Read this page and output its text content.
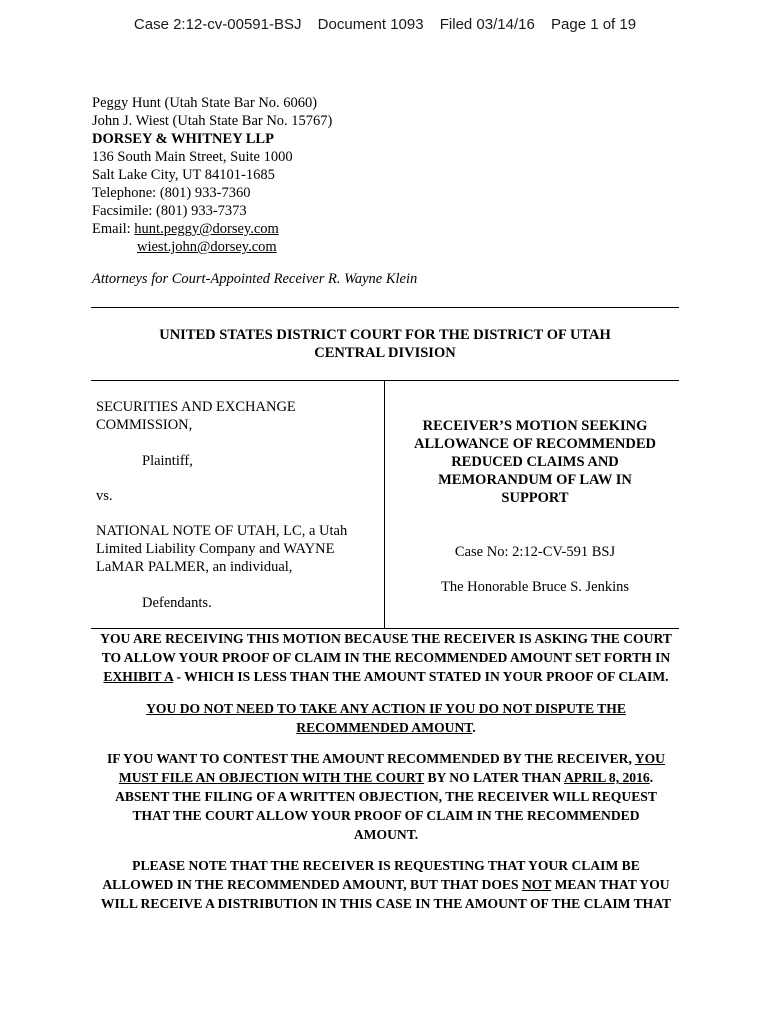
Case 2:12-cv-00591-BSJ Document 1093 Filed 03/14/16 Page 1 of 19
Peggy Hunt (Utah State Bar No. 6060)
John J. Wiest (Utah State Bar No. 15767)
DORSEY & WHITNEY LLP
136 South Main Street, Suite 1000
Salt Lake City, UT 84101-1685
Telephone: (801) 933-7360
Facsimile: (801) 933-7373
Email: hunt.peggy@dorsey.com
wiest.john@dorsey.com
Attorneys for Court-Appointed Receiver R. Wayne Klein
UNITED STATES DISTRICT COURT FOR THE DISTRICT OF UTAH
CENTRAL DIVISION
SECURITIES AND EXCHANGE
COMMISSION,
Plaintiff,
vs.
NATIONAL NOTE OF UTAH, LC, a Utah
Limited Liability Company and WAYNE
LaMAR PALMER, an individual,
Defendants.
RECEIVER’S MOTION SEEKING
ALLOWANCE OF RECOMMENDED
REDUCED CLAIMS AND
MEMORANDUM OF LAW IN
SUPPORT
Case No: 2:12-CV-591 BSJ
The Honorable Bruce S. Jenkins
YOU ARE RECEIVING THIS MOTION BECAUSE THE RECEIVER IS ASKING THE COURT
TO ALLOW YOUR PROOF OF CLAIM IN THE RECOMMENDED AMOUNT SET FORTH IN
EXHIBIT A - WHICH IS LESS THAN THE AMOUNT STATED IN YOUR PROOF OF CLAIM.
YOU DO NOT NEED TO TAKE ANY ACTION IF YOU DO NOT DISPUTE THE
RECOMMENDED AMOUNT.
IF YOU WANT TO CONTEST THE AMOUNT RECOMMENDED BY THE RECEIVER, YOU
MUST FILE AN OBJECTION WITH THE COURT BY NO LATER THAN APRIL 8, 2016.
ABSENT THE FILING OF A WRITTEN OBJECTION, THE RECEIVER WILL REQUEST
THAT THE COURT ALLOW YOUR PROOF OF CLAIM IN THE RECOMMENDED
AMOUNT.
PLEASE NOTE THAT THE RECEIVER IS REQUESTING THAT YOUR CLAIM BE
ALLOWED IN THE RECOMMENDED AMOUNT, BUT THAT DOES NOT MEAN THAT YOU
WILL RECEIVE A DISTRIBUTION IN THIS CASE IN THE AMOUNT OF THE CLAIM THAT
